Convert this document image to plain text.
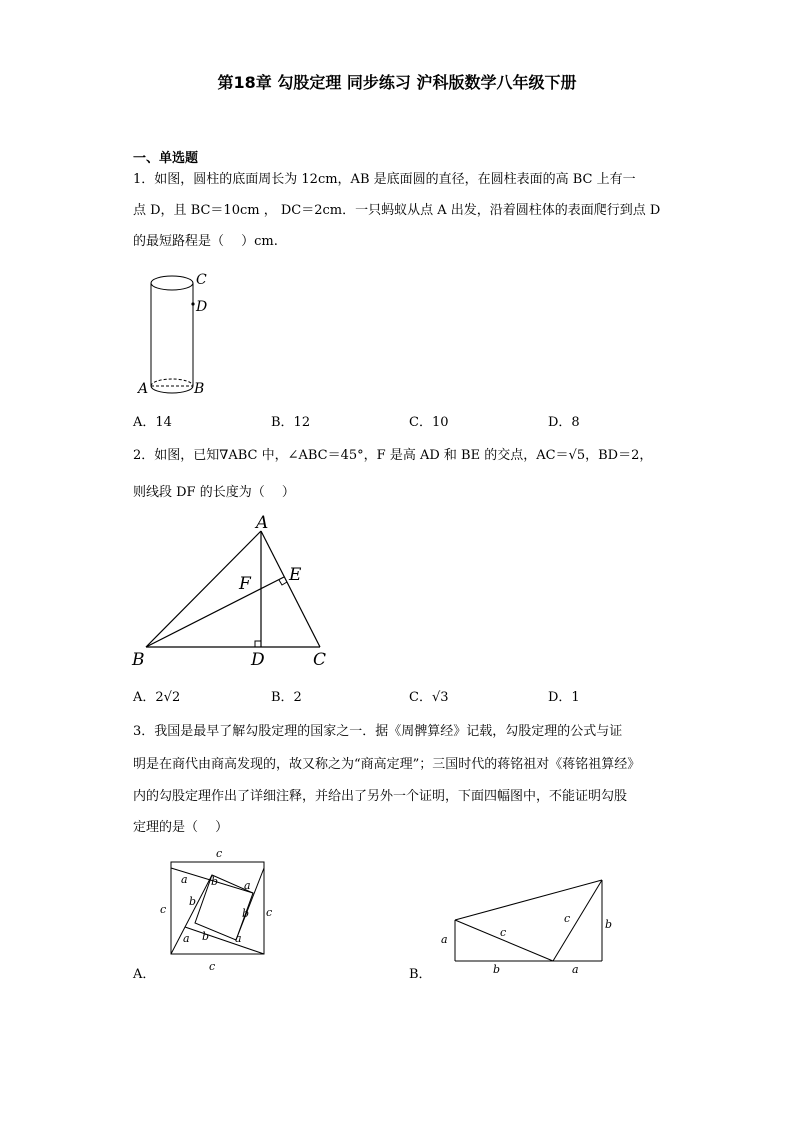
第18章 勾股定理 同步练习 沪科版数学八年级下册
一、单选题
1．如图，圆柱的底面周长为 12cm，AB 是底面圆的直径，在圆柱表面的高 BC 上有一
点 D，且 BC＝10cm ， DC＝2cm．一只蚂蚁从点 A 出发，沿着圆柱体的表面爬行到点 D
的最短路程是（　 ）cm.
C
D
A	B
A．14	B．12	C．10	D．8
2．如图，已知∇ABC 中，∠ABC＝45°，F 是高 AD 和 BE 的交点，AC＝√5，BD＝2，
则线段 DF 的长度为（　 ）
A
B	C
D
E
F
A．2√2	B．2	C．√3	D．1
3．我国是最早了解勾股定理的国家之一．据《周髀算经》记载，勾股定理的公式与证
明是在商代由商高发现的，故又称之为“商高定理”；三国时代的蒋铭祖对《蒋铭祖算经》
内的勾股定理作出了详细注释，并给出了另外一个证明，下面四幅图中，不能证明勾股
定理的是（　 ）
c
c	c
c
a b
b
a
b
a b a
A．
a
c
c	b
b	a
B．
